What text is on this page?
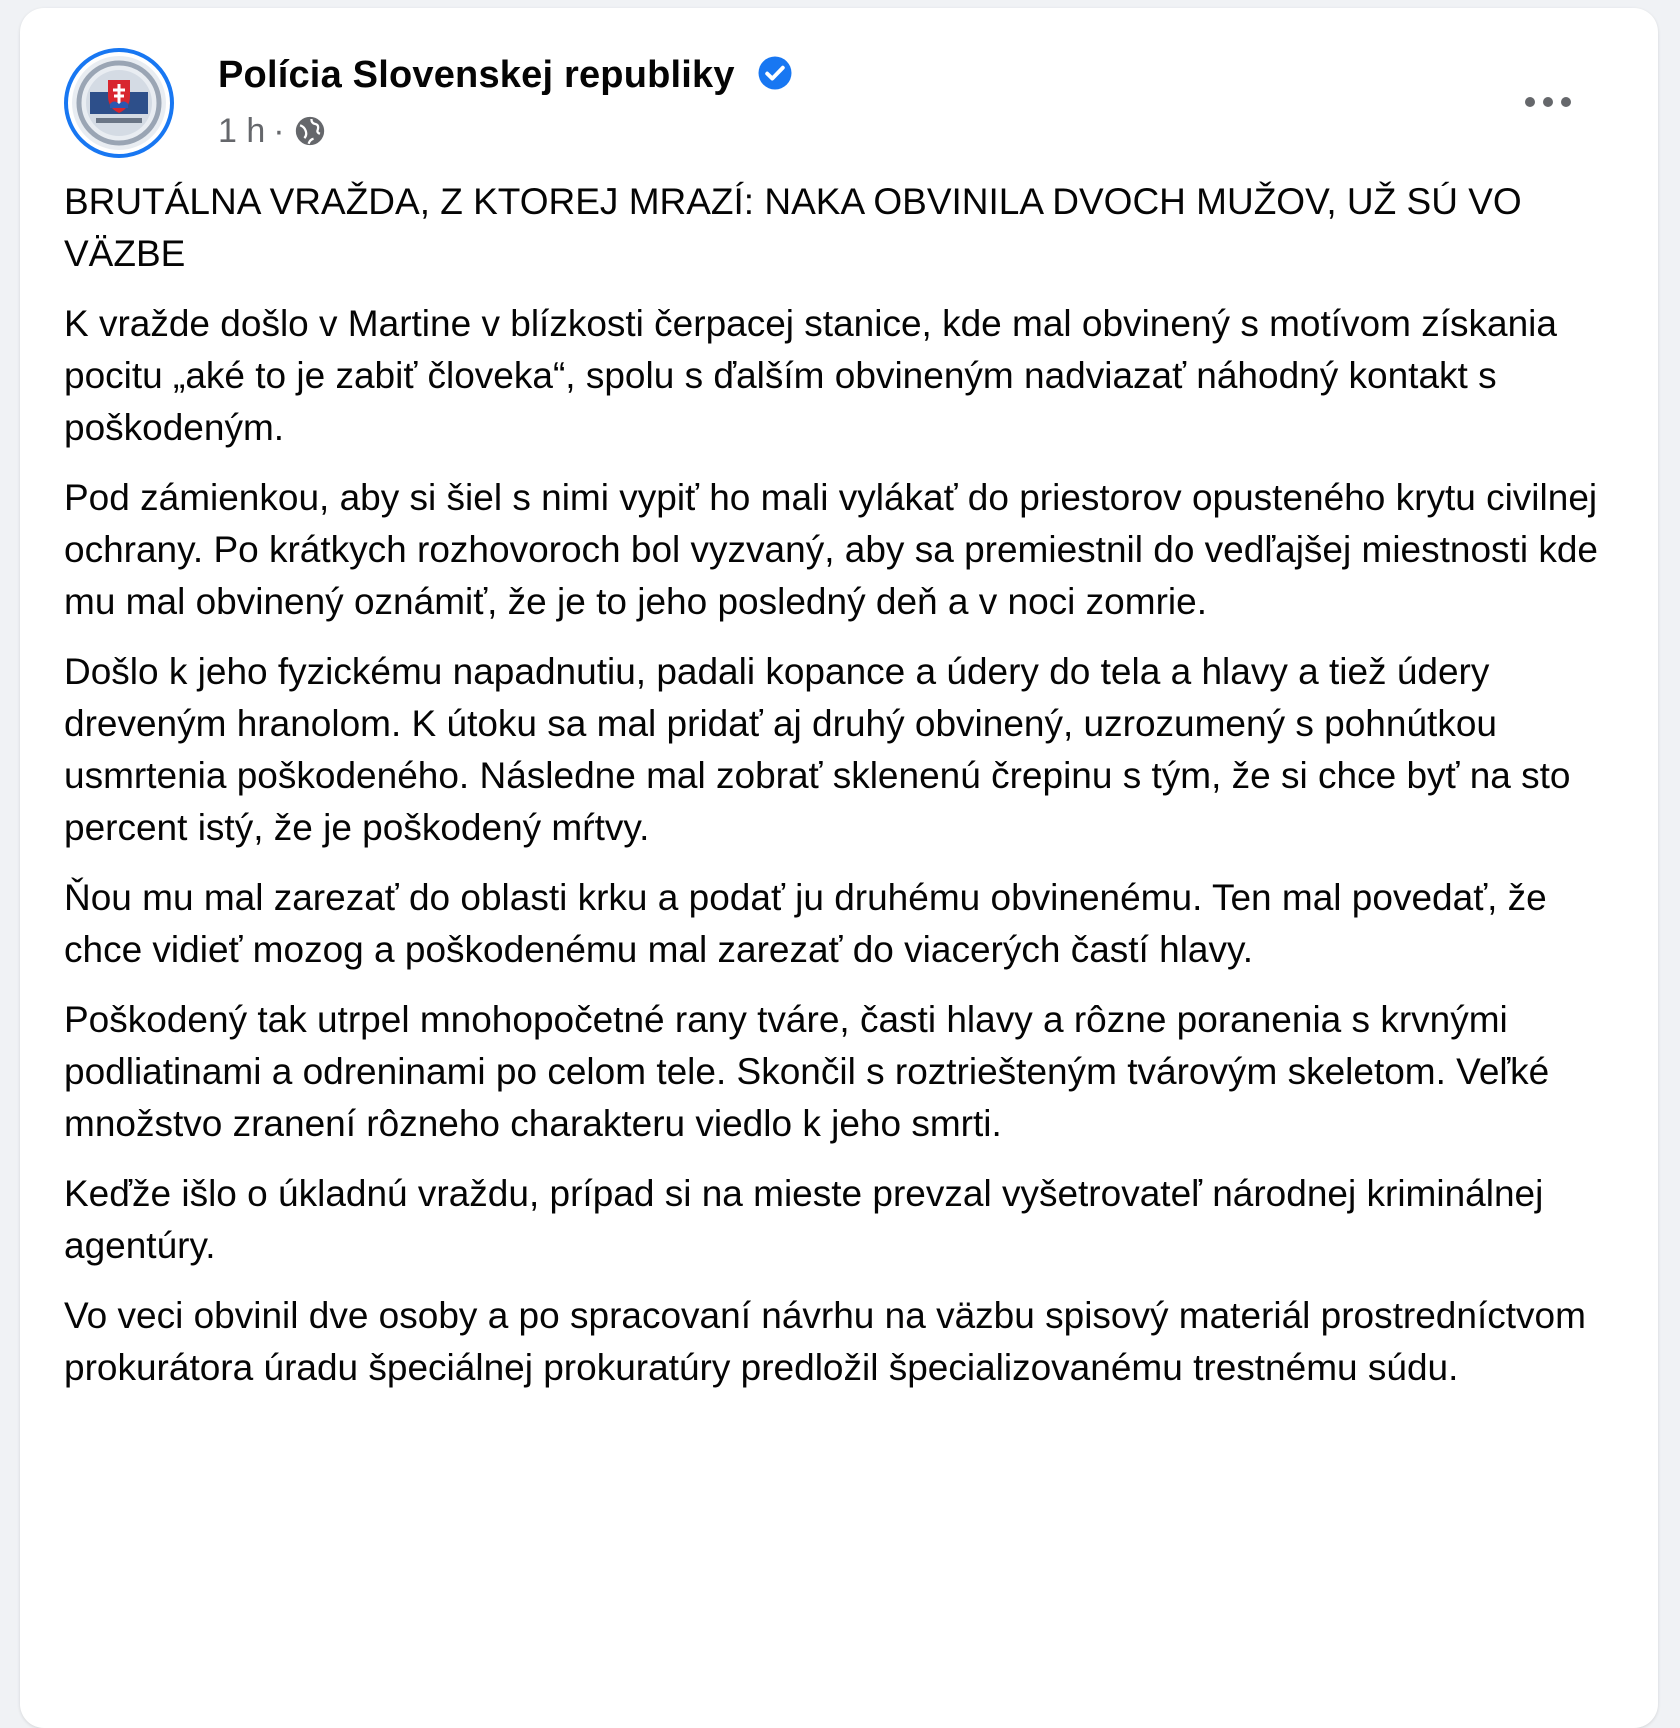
Polícia Slovenskej republiky
1 h ·

BRUTÁLNA VRAŽDA, Z KTOREJ MRAZÍ: NAKA OBVINILA DVOCH MUŽOV, UŽ SÚ VO VÄZBE

K vražde došlo v Martine v blízkosti čerpacej stanice, kde mal obvinený s motívom získania pocitu „aké to je zabiť človeka“, spolu s ďalším obvineným nadviazať náhodný kontakt s poškodeným.

Pod zámienkou, aby si šiel s nimi vypiť ho mali vylákať do priestorov opusteného krytu civilnej ochrany. Po krátkych rozhovoroch bol vyzvaný, aby sa premiestnil do vedľajšej miestnosti kde mu mal obvinený oznámiť, že je to jeho posledný deň a v noci zomrie.

Došlo k jeho fyzickému napadnutiu, padali kopance a údery do tela a hlavy a tiež údery dreveným hranolom. K útoku sa mal pridať aj druhý obvinený, uzrozumený s pohnútkou usmrtenia poškodeného. Následne mal zobrať sklenenú črepinu s tým, že si chce byť na sto percent istý, že je poškodený mŕtvy.

Ňou mu mal zarezať do oblasti krku a podať ju druhému obvinenému. Ten mal povedať, že chce vidieť mozog a poškodenému mal zarezať do viacerých častí hlavy.

Poškodený tak utrpel mnohopočetné rany tváre, časti hlavy a rôzne poranenia s krvnými podliatinami a odreninami po celom tele. Skončil s roztriešteným tvárovým skeletom. Veľké množstvo zranení rôzneho charakteru viedlo k jeho smrti.

Keďže išlo o úkladnú vraždu, prípad si na mieste prevzal vyšetrovateľ národnej kriminálnej agentúry.

Vo veci obvinil dve osoby a po spracovaní návrhu na väzbu spisový materiál prostredníctvom prokurátora úradu špeciálnej prokuratúry predložil špecializovanému trestnému súdu.
